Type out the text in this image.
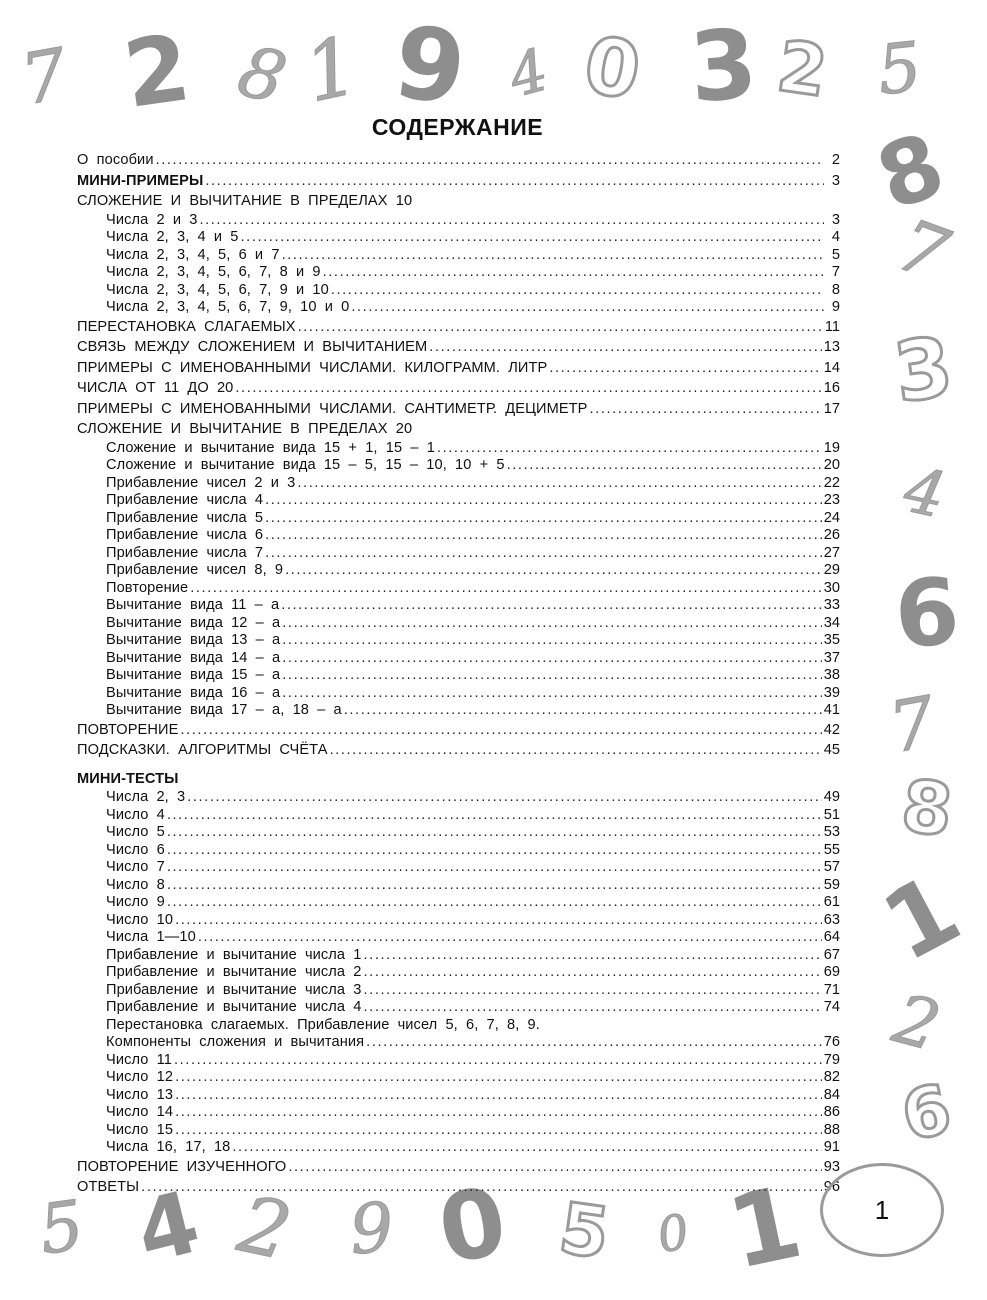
7 2 8 1 9 4 0 3 2 5
8
7
3
4
6
7
8
1
2
6
5 4 2 9 0 5 0 1
СОДЕРЖАНИЕ
О пособии .....	2
МИНИ-ПРИМЕРЫ .....	3
СЛОЖЕНИЕ И ВЫЧИТАНИЕ В ПРЕДЕЛАХ 10
Числа 2 и 3 .....	3
Числа 2, 3, 4 и 5 .....	4
Числа 2, 3, 4, 5, 6 и 7 .....	5
Числа 2, 3, 4, 5, 6, 7, 8 и 9 .....	7
Числа 2, 3, 4, 5, 6, 7, 9 и 10 .....	8
Числа 2, 3, 4, 5, 6, 7, 9, 10 и 0 .....	9
ПЕРЕСТАНОВКА СЛАГАЕМЫХ .....	11
СВЯЗЬ МЕЖДУ СЛОЖЕНИЕМ И ВЫЧИТАНИЕМ .....	13
ПРИМЕРЫ С ИМЕНОВАННЫМИ ЧИСЛАМИ. КИЛОГРАММ. ЛИТР .....	14
ЧИСЛА ОТ 11 ДО 20 .....	16
ПРИМЕРЫ С ИМЕНОВАННЫМИ ЧИСЛАМИ. САНТИМЕТР. ДЕЦИМЕТР .....	17
СЛОЖЕНИЕ И ВЫЧИТАНИЕ В ПРЕДЕЛАХ 20
Сложение и вычитание вида 15 + 1, 15 – 1 .....	19
Сложение и вычитание вида 15 – 5, 15 – 10, 10 + 5 .....	20
Прибавление чисел 2 и 3 .....	22
Прибавление числа 4 .....	23
Прибавление числа 5 .....	24
Прибавление числа 6 .....	26
Прибавление числа 7 .....	27
Прибавление чисел 8, 9 .....	29
Повторение .....	30
Вычитание вида 11 – а .....	33
Вычитание вида 12 – а .....	34
Вычитание вида 13 – а .....	35
Вычитание вида 14 – а .....	37
Вычитание вида 15 – а .....	38
Вычитание вида 16 – а .....	39
Вычитание вида 17 – а, 18 – а .....	41
ПОВТОРЕНИЕ .....	42
ПОДСКАЗКИ. АЛГОРИТМЫ СЧЁТА .....	45
МИНИ-ТЕСТЫ
Числа 2, 3 .....	49
Число 4 .....	51
Число 5 .....	53
Число 6 .....	55
Число 7 .....	57
Число 8 .....	59
Число 9 .....	61
Число 10 .....	63
Числа 1—10 .....	64
Прибавление и вычитание числа 1 .....	67
Прибавление и вычитание числа 2 .....	69
Прибавление и вычитание числа 3 .....	71
Прибавление и вычитание числа 4 .....	74
Перестановка слагаемых. Прибавление чисел 5, 6, 7, 8, 9.
Компоненты сложения и вычитания .....	76
Число 11 .....	79
Число 12 .....	82
Число 13 .....	84
Число 14 .....	86
Число 15 .....	88
Числа 16, 17, 18 .....	91
ПОВТОРЕНИЕ ИЗУЧЕННОГО .....	93
ОТВЕТЫ .....	96
1
